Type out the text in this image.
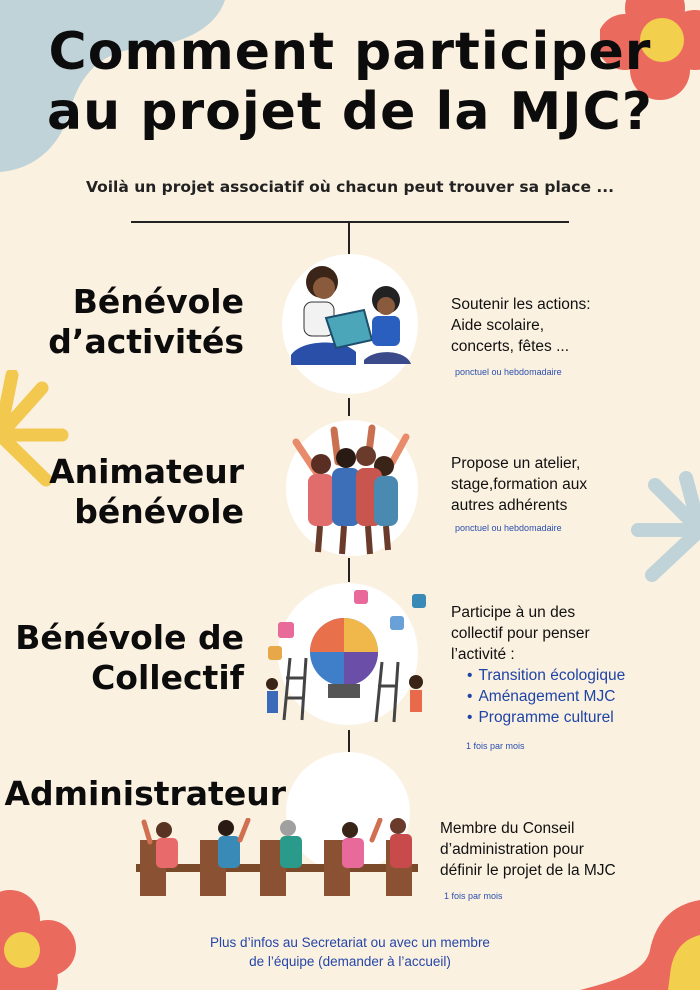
Comment participer
au projet de la MJC?
Voilà un projet associatif où chacun peut trouver sa place ...
Bénévole
d’activités
Soutenir les actions:
Aide scolaire,
concerts, fêtes ...
ponctuel ou hebdomadaire
Animateur
bénévole
Propose un atelier,
stage,formation aux
autres adhérents
ponctuel ou hebdomadaire
Bénévole de
Collectif
Participe à un des
collectif pour penser
l’activité :
• Transition écologique
• Aménagement MJC
• Programme culturel
1 fois par mois
Administrateur
Membre du Conseil
d’administration pour
définir le projet de la MJC
1 fois par mois
Plus d’infos au Secretariat ou avec un membre
de l’équipe (demander à l’accueil)
